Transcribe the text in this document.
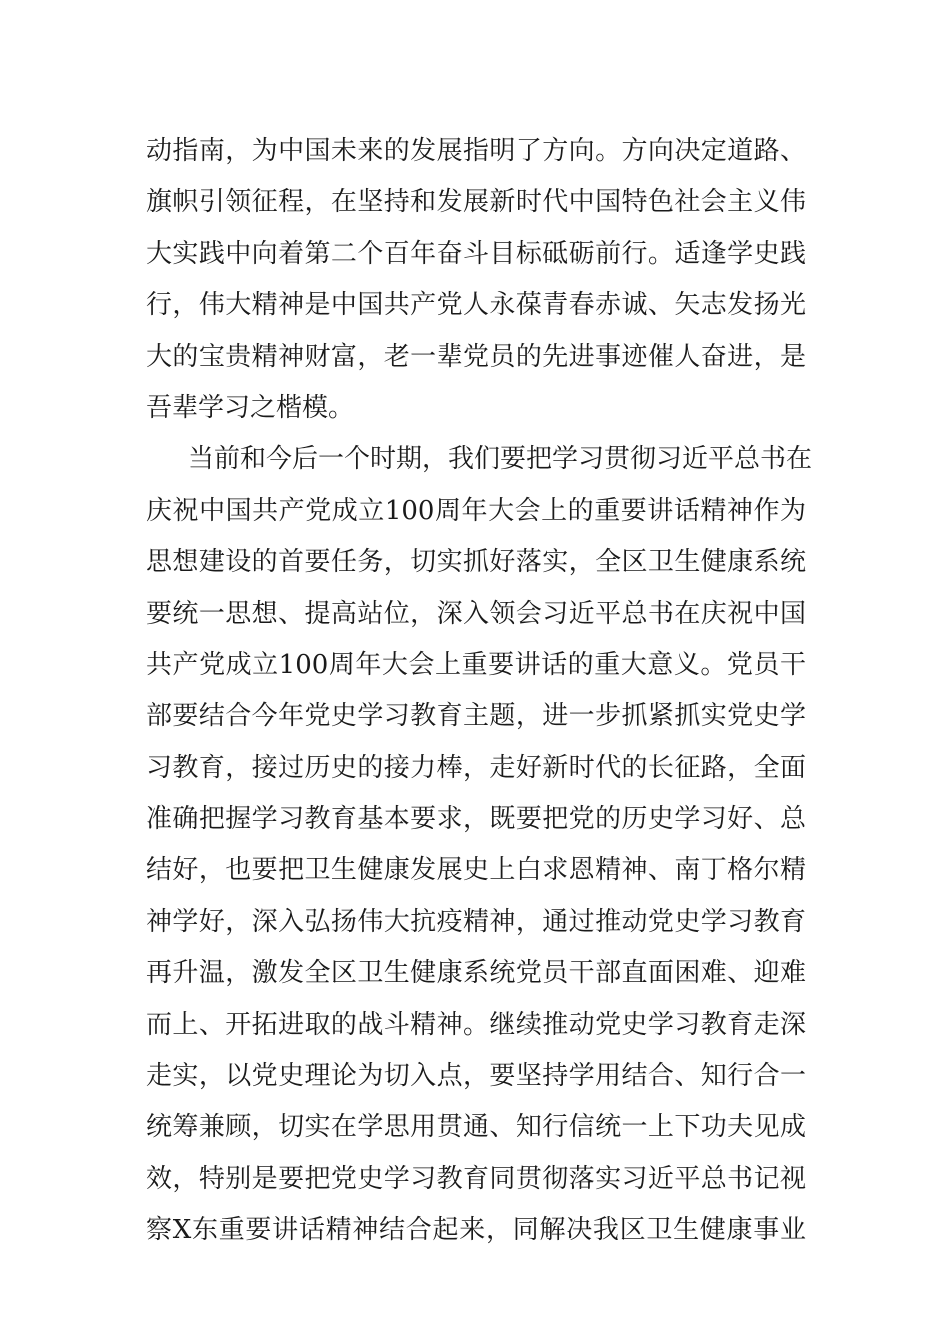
动指南，为中国未来的发展指明了方向。方向决定道路、
旗帜引领征程，在坚持和发展新时代中国特色社会主义伟
大实践中向着第二个百年奋斗目标砥砺前行。适逢学史践
行，伟大精神是中国共产党人永葆青春赤诚、矢志发扬光
大的宝贵精神财富，老一辈党员的先进事迹催人奋进，是
吾辈学习之楷模。
当前和今后一个时期，我们要把学习贯彻习近平总书在
庆祝中国共产党成立100周年大会上的重要讲话精神作为
思想建设的首要任务，切实抓好落实，全区卫生健康系统
要统一思想、提高站位，深入领会习近平总书在庆祝中国
共产党成立100周年大会上重要讲话的重大意义。党员干
部要结合今年党史学习教育主题，进一步抓紧抓实党史学
习教育，接过历史的接力棒，走好新时代的长征路，全面
准确把握学习教育基本要求，既要把党的历史学习好、总
结好，也要把卫生健康发展史上白求恩精神、南丁格尔精
神学好，深入弘扬伟大抗疫精神，通过推动党史学习教育
再升温，激发全区卫生健康系统党员干部直面困难、迎难
而上、开拓进取的战斗精神。继续推动党史学习教育走深
走实，以党史理论为切入点，要坚持学用结合、知行合一
统筹兼顾，切实在学思用贯通、知行信统一上下功夫见成
效，特别是要把党史学习教育同贯彻落实习近平总书记视
察X东重要讲话精神结合起来，同解决我区卫生健康事业
